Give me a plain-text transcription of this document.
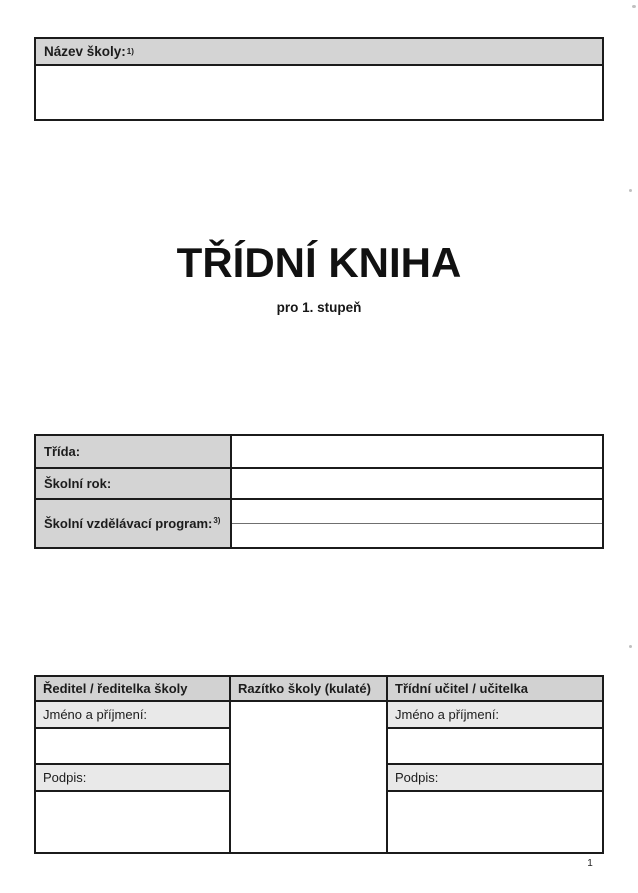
Název školy: 1)
TŘÍDNÍ KNIHA
pro 1. stupeň
Třída:
Školní rok:
Školní vzdělávací program:$^{3)}$
Ředitel / ředitelka školy	Razítko školy (kulaté)	Třídní učitel / učitelka
Jméno a příjmení:
Podpis:
Jméno a příjmení:
Podpis:
1
